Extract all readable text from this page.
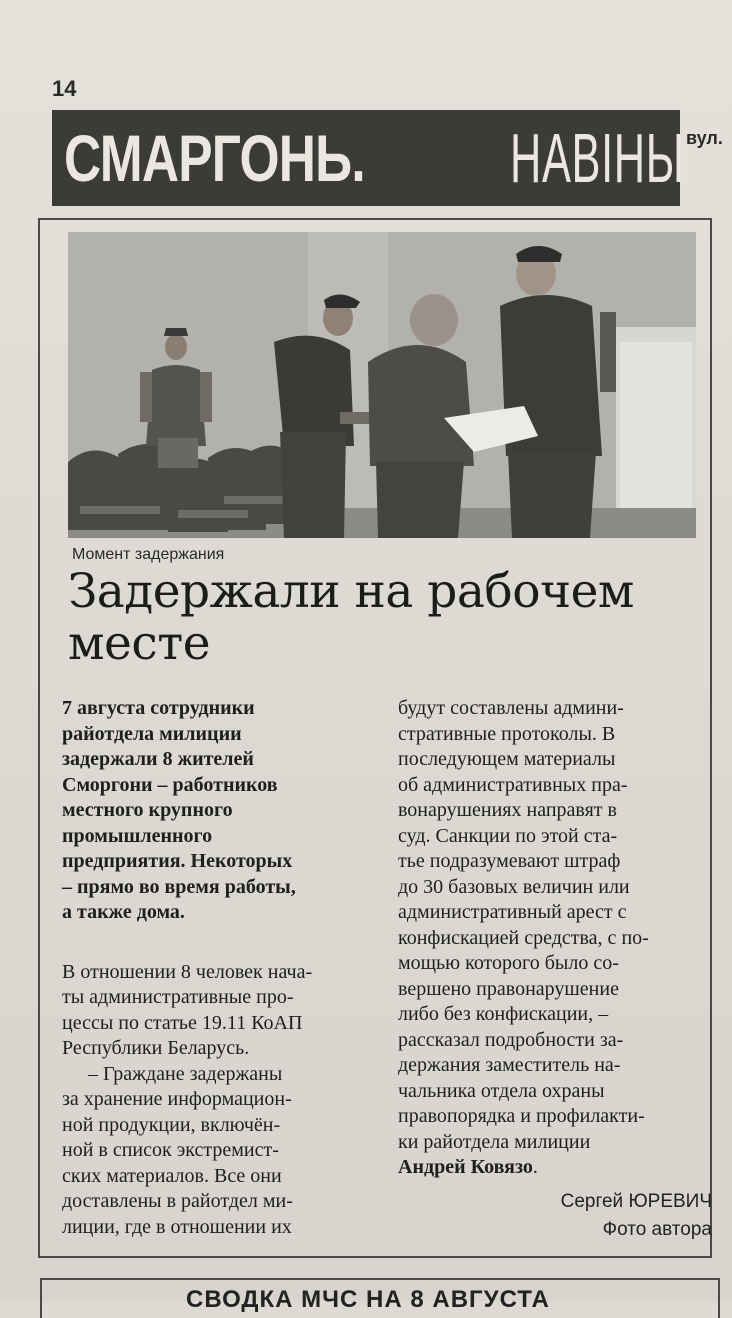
14
СМАРГОНЬ. НАВІНЫ вул.
Момент задержания
Задержали на рабочем месте
7 августа сотрудники
райотдела милиции
задержали 8 жителей
Сморгони – работников
местного крупного
промышленного
предприятия. Некоторых
– прямо во время работы,
а также дома.
В отношении 8 человек нача-
ты административные про-
цессы по статье 19.11 КоАП
Республики Беларусь.
– Граждане задержаны
за хранение информацион-
ной продукции, включён-
ной в список экстремист-
ских материалов. Все они
доставлены в райотдел ми-
лиции, где в отношении их
будут составлены админи-
стративные протоколы. В
последующем материалы
об административных пра-
вонарушениях направят в
суд. Санкции по этой ста-
тье подразумевают штраф
до 30 базовых величин или
административный арест с
конфискацией средства, с по-
мощью которого было со-
вершено правонарушение
либо без конфискации, –
рассказал подробности за-
держания заместитель на-
чальника отдела охраны
правопорядка и профилакти-
ки райотдела милиции
Андрей Ковязо.
Сергей ЮРЕВИЧ
Фото автора
СВОДКА МЧС НА 8 АВГУСТА
